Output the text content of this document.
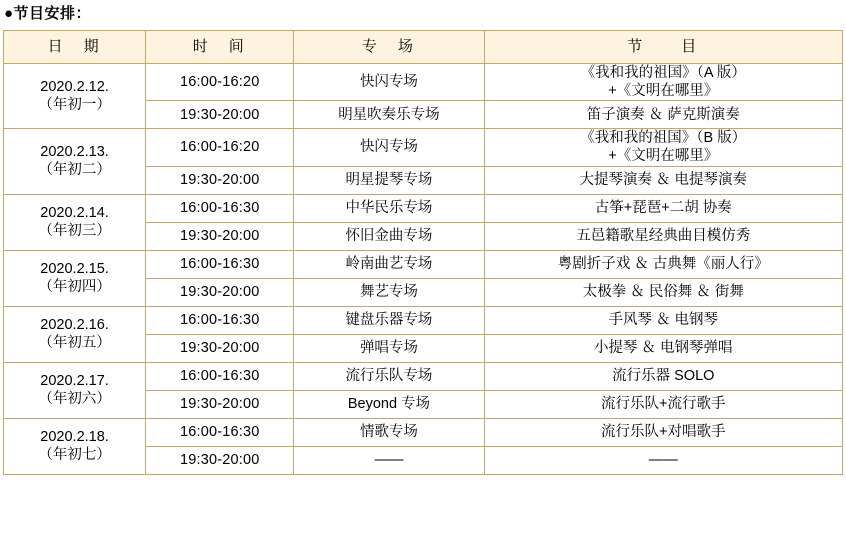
●节目安排：
日　期	时　间	专　场	节　　目

2020.2.12.
（年初一）	16:00-16:20	快闪专场	《我和我的祖国》（A 版）
+《文明在哪里》

	19:30-20:00	明星吹奏乐专场	笛子演奏 ＆ 萨克斯演奏

2020.2.13.
（年初二）	16:00-16:20	快闪专场	《我和我的祖国》（B 版）
+《文明在哪里》

	19:30-20:00	明星提琴专场	大提琴演奏 ＆ 电提琴演奏

2020.2.14.
（年初三）	16:00-16:30	中华民乐专场	古筝+琵琶+二胡 协奏
	19:30-20:00	怀旧金曲专场	五邑籍歌星经典曲目模仿秀

2020.2.15.
（年初四）	16:00-16:30	岭南曲艺专场	粤剧折子戏 ＆ 古典舞《丽人行》
	19:30-20:00	舞艺专场	太极拳 ＆ 民俗舞 ＆ 街舞

2020.2.16.
（年初五）	16:00-16:30	键盘乐器专场	手风琴 ＆ 电钢琴
	19:30-20:00	弹唱专场	小提琴 ＆ 电钢琴弹唱

2020.2.17.
（年初六）	16:00-16:30	流行乐队专场	流行乐器 SOLO
	19:30-20:00	Beyond 专场	流行乐队+流行歌手

2020.2.18.
（年初七）	16:00-16:30	情歌专场	流行乐队+对唱歌手
	19:30-20:00	——	——
